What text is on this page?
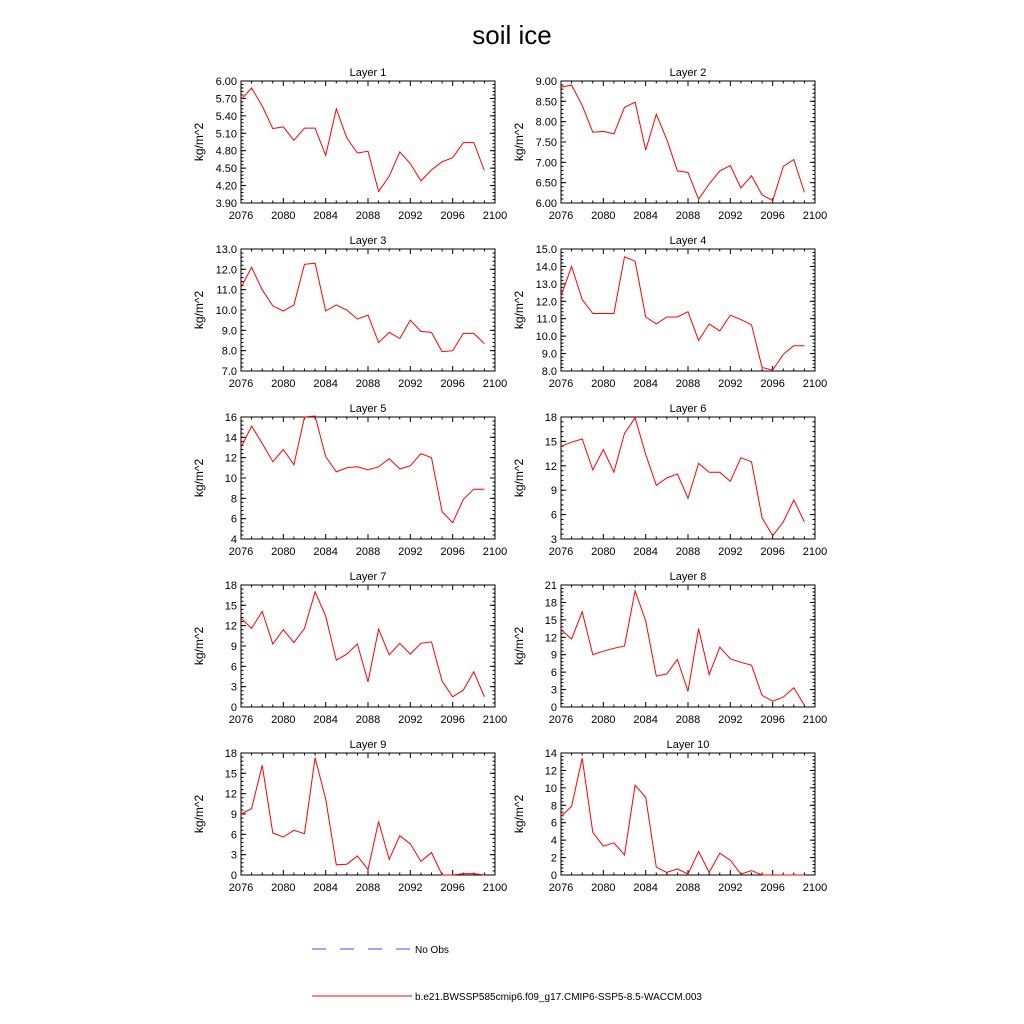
soil ice
Layer 1
3.90
4.20
4.50
4.80
5.10
5.40
5.70
6.00
2076 2080 2084 2088 2092 2096 2100
kg/m^2
Layer 2
6.00
6.50
7.00
7.50
8.00
8.50
9.00
2076 2080 2084 2088 2092 2096 2100
kg/m^2
Layer 3
7.0
8.0
9.0
10.0
11.0
12.0
13.0
2076 2080 2084 2088 2092 2096 2100
kg/m^2
Layer 4
8.0
9.0
10.0
11.0
12.0
13.0
14.0
15.0
2076 2080 2084 2088 2092 2096 2100
kg/m^2
Layer 5
4
6
8
10
12
14
16
2076 2080 2084 2088 2092 2096 2100
kg/m^2
Layer 6
3
6
9
12
15
18
2076 2080 2084 2088 2092 2096 2100
kg/m^2
Layer 7
0
3
6
9
12
15
18
2076 2080 2084 2088 2092 2096 2100
kg/m^2
Layer 8
0
3
6
9
12
15
18
21
2076 2080 2084 2088 2092 2096 2100
kg/m^2
Layer 9
0
3
6
9
12
15
18
2076 2080 2084 2088 2092 2096 2100
kg/m^2
Layer 10
0
2
4
6
8
10
12
14
2076 2080 2084 2088 2092 2096 2100
kg/m^2
No Obs
b.e21.BWSSP585cmip6.f09_g17.CMIP6-SSP5-8.5-WACCM.003
